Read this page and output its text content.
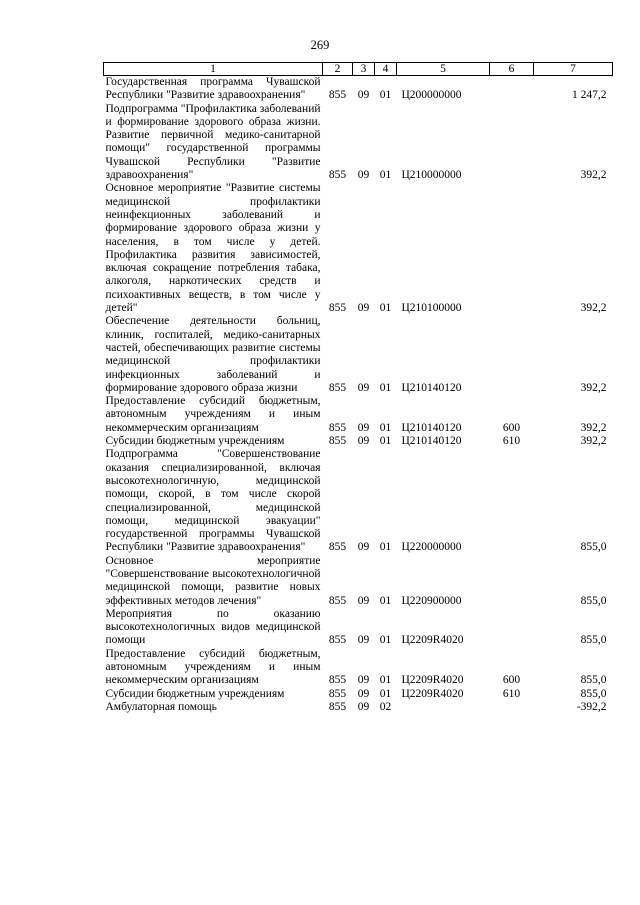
269
1	2	3	4	5	6	7
Государственная программа Чувашской Республики "Развитие здравоохранения"	855	09	01	Ц200000000		1 247,2
Подпрограмма "Профилактика заболеваний и формирование здорового образа жизни. Развитие первичной медико-санитарной помощи" государственной программы Чувашской Республики "Развитие здравоохранения"	855	09	01	Ц210000000		392,2
Основное мероприятие "Развитие системы медицинской профилактики неинфекционных заболеваний и формирование здорового образа жизни у населения, в том числе у детей. Профилактика развития зависимостей, включая сокращение потребления табака, алкоголя, наркотических средств и психоактивных веществ, в том числе у детей"	855	09	01	Ц210100000		392,2
Обеспечение деятельности больниц, клиник, госпиталей, медико-санитарных частей, обеспечивающих развитие системы медицинской профилактики инфекционных заболеваний и формирование здорового образа жизни	855	09	01	Ц210140120		392,2
Предоставление субсидий бюджетным, автономным учреждениям и иным некоммерческим организациям	855	09	01	Ц210140120	600	392,2
Субсидии бюджетным учреждениям	855	09	01	Ц210140120	610	392,2
Подпрограмма "Совершенствование оказания специализированной, включая высокотехнологичную, медицинской помощи, скорой, в том числе скорой специализированной, медицинской помощи, медицинской эвакуации" государственной программы Чувашской Республики "Развитие здравоохранения"	855	09	01	Ц220000000		855,0
Основное мероприятие "Совершенствование высокотехнологичной медицинской помощи, развитие новых эффективных методов лечения"	855	09	01	Ц220900000		855,0
Мероприятия по оказанию высокотехнологичных видов медицинской помощи	855	09	01	Ц2209R4020		855,0
Предоставление субсидий бюджетным, автономным учреждениям и иным некоммерческим организациям	855	09	01	Ц2209R4020	600	855,0
Субсидии бюджетным учреждениям	855	09	01	Ц2209R4020	610	855,0
Амбулаторная помощь	855	09	02			-392,2
